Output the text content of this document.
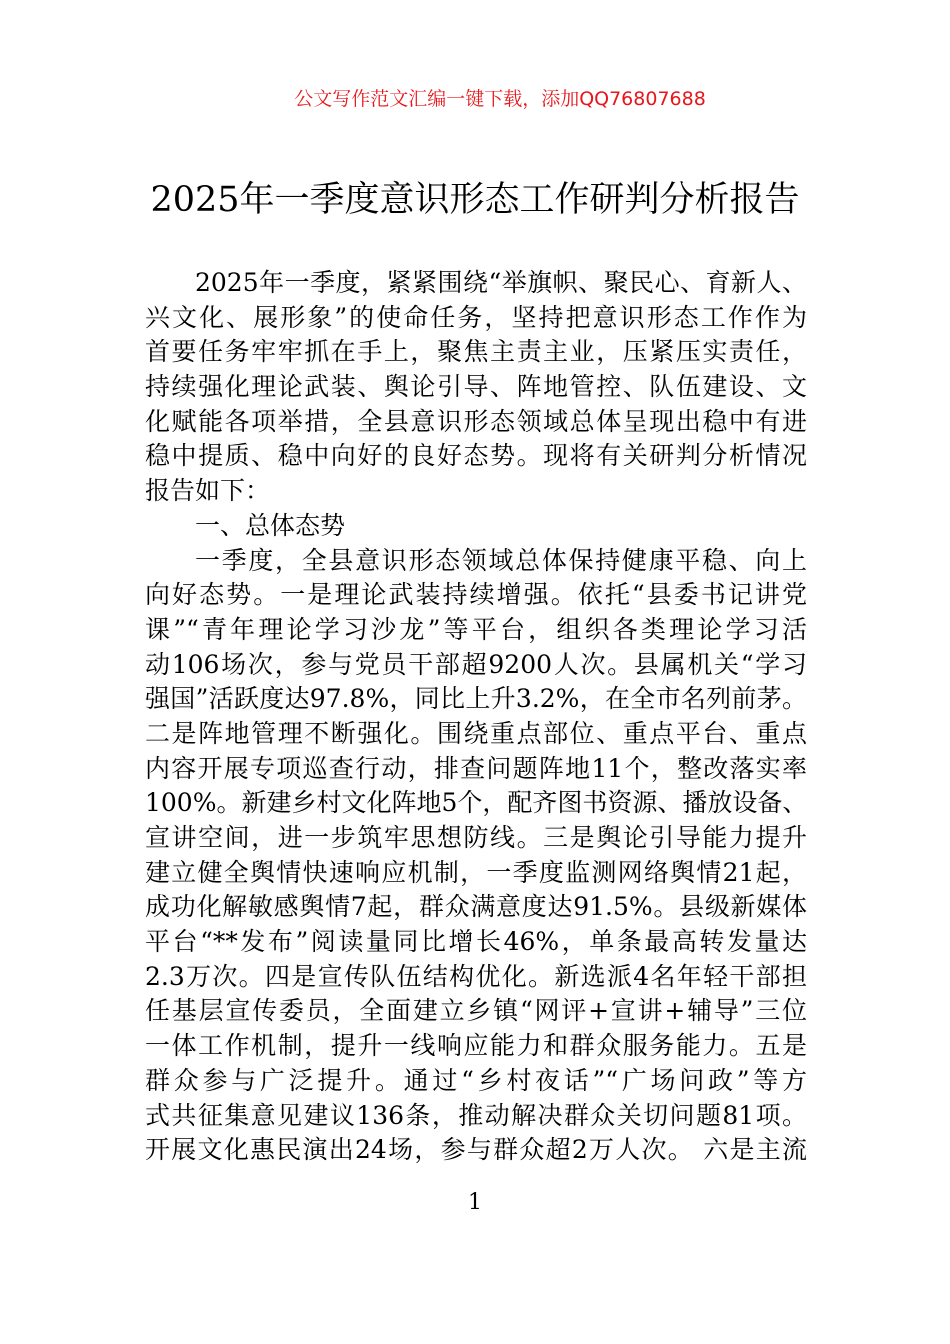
公文写作范文汇编一键下载，添加QQ76807688
2025年一季度意识形态工作研判分析报告
2025年一季度，紧紧围绕“举旗帜、聚民心、育新人、
兴文化、展形象”的使命任务，坚持把意识形态工作作为
首要任务牢牢抓在手上，聚焦主责主业，压紧压实责任，
持续强化理论武装、舆论引导、阵地管控、队伍建设、文
化赋能各项举措，全县意识形态领域总体呈现出稳中有进
稳中提质、稳中向好的良好态势。现将有关研判分析情况
报告如下：
一、总体态势
一季度，全县意识形态领域总体保持健康平稳、向上
向好态势。一是理论武装持续增强。依托“县委书记讲党
课”“青年理论学习沙龙”等平台，组织各类理论学习活
动106场次，参与党员干部超9200人次。县属机关“学习
强国”活跃度达97.8%，同比上升3.2%，在全市名列前茅。
二是阵地管理不断强化。围绕重点部位、重点平台、重点
内容开展专项巡查行动，排查问题阵地11个，整改落实率
100%。新建乡村文化阵地5个，配齐图书资源、播放设备、
宣讲空间，进一步筑牢思想防线。三是舆论引导能力提升
建立健全舆情快速响应机制，一季度监测网络舆情21起，
成功化解敏感舆情7起，群众满意度达91.5%。县级新媒体
平台“**发布”阅读量同比增长46%，单条最高转发量达
2.3万次。四是宣传队伍结构优化。新选派4名年轻干部担
任基层宣传委员，全面建立乡镇“网评+宣讲+辅导”三位
一体工作机制，提升一线响应能力和群众服务能力。五是
群众参与广泛提升。通过“乡村夜话”“广场问政”等方
式共征集意见建议136条，推动解决群众关切问题81项。
开展文化惠民演出24场，参与群众超2万人次。 六是主流
1
